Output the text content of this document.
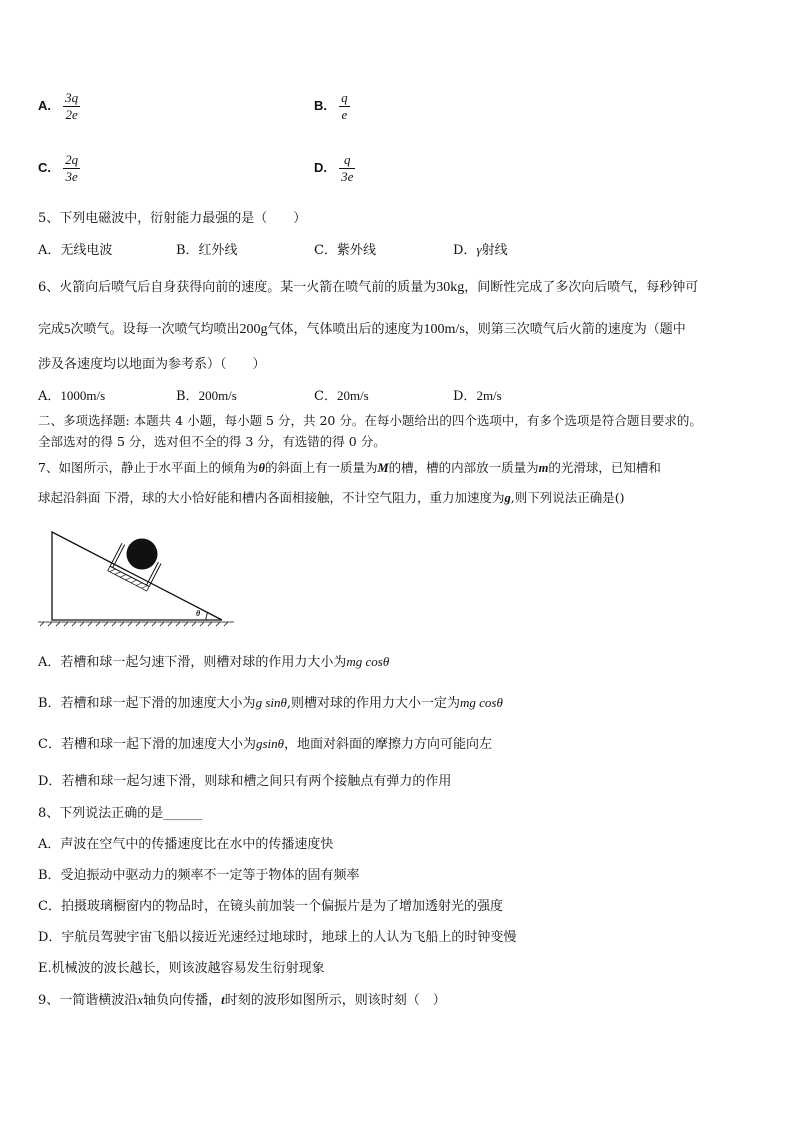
A. $\frac{3q}{2e}$	B. $\frac{q}{e}$
C. $\frac{2q}{3e}$	D. $\frac{q}{3e}$
5、下列电磁波中，衍射能力最强的是（　　）
A．无线电波	B．红外线	C．紫外线	D．γ射线
6、火箭向后喷气后自身获得向前的速度。某一火箭在喷气前的质量为30kg，间断性完成了多次向后喷气，每秒钟可
完成5次喷气。设每一次喷气均喷出200g气体，气体喷出后的速度为100m/s，则第三次喷气后火箭的速度为（题中
涉及各速度均以地面为参考系）（　　）
A．1000m/s	B．200m/s	C．20m/s	D．2m/s
二、多项选择题: 本题共 4 小题，每小题 5 分，共 20 分。在每小题给出的四个选项中，有多个选项是符合题目要求的。
全部选对的得 5 分，选对但不全的得 3 分，有选错的得 0 分。
7、如图所示，静止于水平面上的倾角为θ的斜面上有一质量为M的槽，槽的内部放一质量为m的光滑球，已知槽和
球起沿斜面 下滑，球的大小恰好能和槽内各面相接触，不计空气阻力，重力加速度为g,则下列说法正确是()
θ
A．若槽和球一起匀速下滑，则槽对球的作用力大小为mg cosθ
B．若槽和球一起下滑的加速度大小为g sinθ,则槽对球的作用力大小一定为mg cosθ
C．若槽和球一起下滑的加速度大小为gsinθ，地面对斜面的摩擦力方向可能向左
D．若槽和球一起匀速下滑，则球和槽之间只有两个接触点有弹力的作用
8、下列说法正确的是______
A．声波在空气中的传播速度比在水中的传播速度快
B．受迫振动中驱动力的频率不一定等于物体的固有频率
C．拍摄玻璃橱窗内的物品时，在镜头前加装一个偏振片是为了增加透射光的强度
D．宇航员驾驶宇宙飞船以接近光速经过地球时，地球上的人认为飞船上的时钟变慢
E.机械波的波长越长，则该波越容易发生衍射现象
9、一简谐横波沿x轴负向传播，t时刻的波形如图所示，则该时刻（　）
